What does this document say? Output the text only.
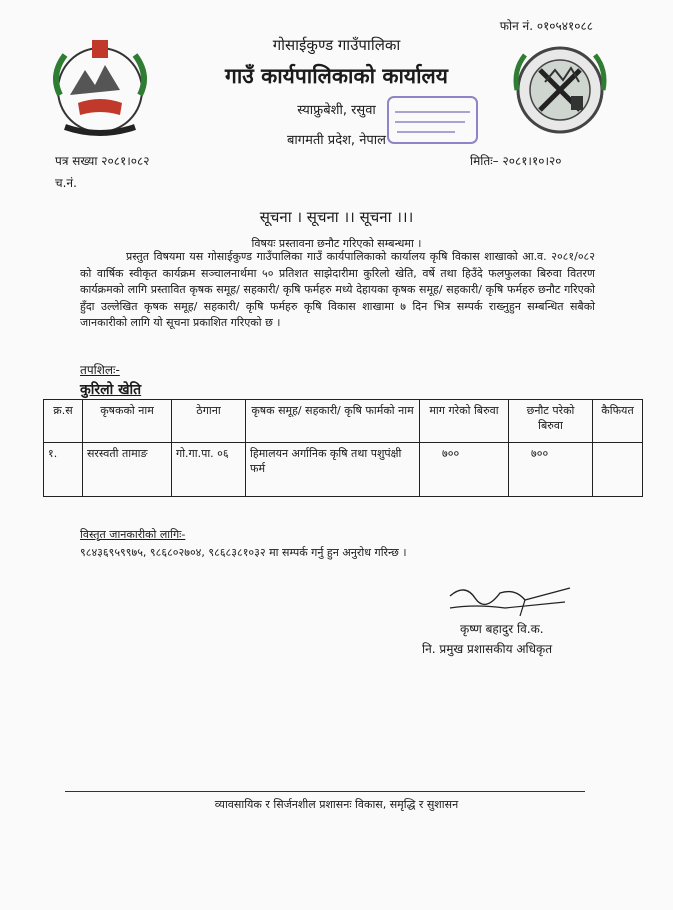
फोन नं. ०१०५४१०८८
गोसाईकुण्ड गाउँपालिका
गाउँ कार्यपालिकाको कार्यालय
स्याफ्रुबेशी, रसुवा
बागमती प्रदेश, नेपाल
पत्र सख्या २०८१।०८२
च.नं.
मितिः– २०८१।१०।२०
सूचना । सूचना ।। सूचना ।।।
विषयः प्रस्तावना छनौट गरिएको सम्बन्धमा ।
प्रस्तुत विषयमा यस गोसाईकुण्ड गाउँपालिका गाउँ कार्यपालिकाको कार्यालय कृषि विकास शाखाको आ.व. २०८१/०८२ को वार्षिक स्वीकृत कार्यक्रम सञ्चालनार्थमा ५० प्रतिशत साझेदारीमा कुरिलो खेति, वर्षे तथा हिउँदे फलफुलका बिरुवा वितरण कार्यक्रमको लागि प्रस्तावित कृषक समूह/ सहकारी/ कृषि फर्महरु मध्ये देहायका कृषक समूह/ सहकारी/ कृषि फर्महरु छनौट गरिएको हुँदा उल्लेखित कृषक समूह/ सहकारी/ कृषि फर्महरु कृषि विकास शाखामा ७ दिन भित्र सम्पर्क राख्नुहुन सम्बन्धित सबैको जानकारीको लागि यो सूचना प्रकाशित गरिएको छ ।
तपशिलः-
कुरिलो खेति
क्र.स	कृषकको नाम	ठेगाना	कृषक समूह/ सहकारी/ कृषि फार्मको नाम	माग गरेको बिरुवा	छनौट परेको बिरुवा	कैफियत
१.	सरस्वती तामाङ	गो.गा.पा. ०६	हिमालयन अर्गानिक कृषि तथा पशुपंक्षी फर्म	७००	७००	
विस्तृत जानकारीको लागिः-
९८४३६९५९९७५, ९८६८०२७०४, ९८६८३८१०३२ मा सम्पर्क गर्नु हुन अनुरोध गरिन्छ ।
कृष्ण बहादुर वि.क.
नि. प्रमुख प्रशासकीय अधिकृत
व्यावसायिक र सिर्जनशील प्रशासनः विकास, समृद्धि र सुशासन
